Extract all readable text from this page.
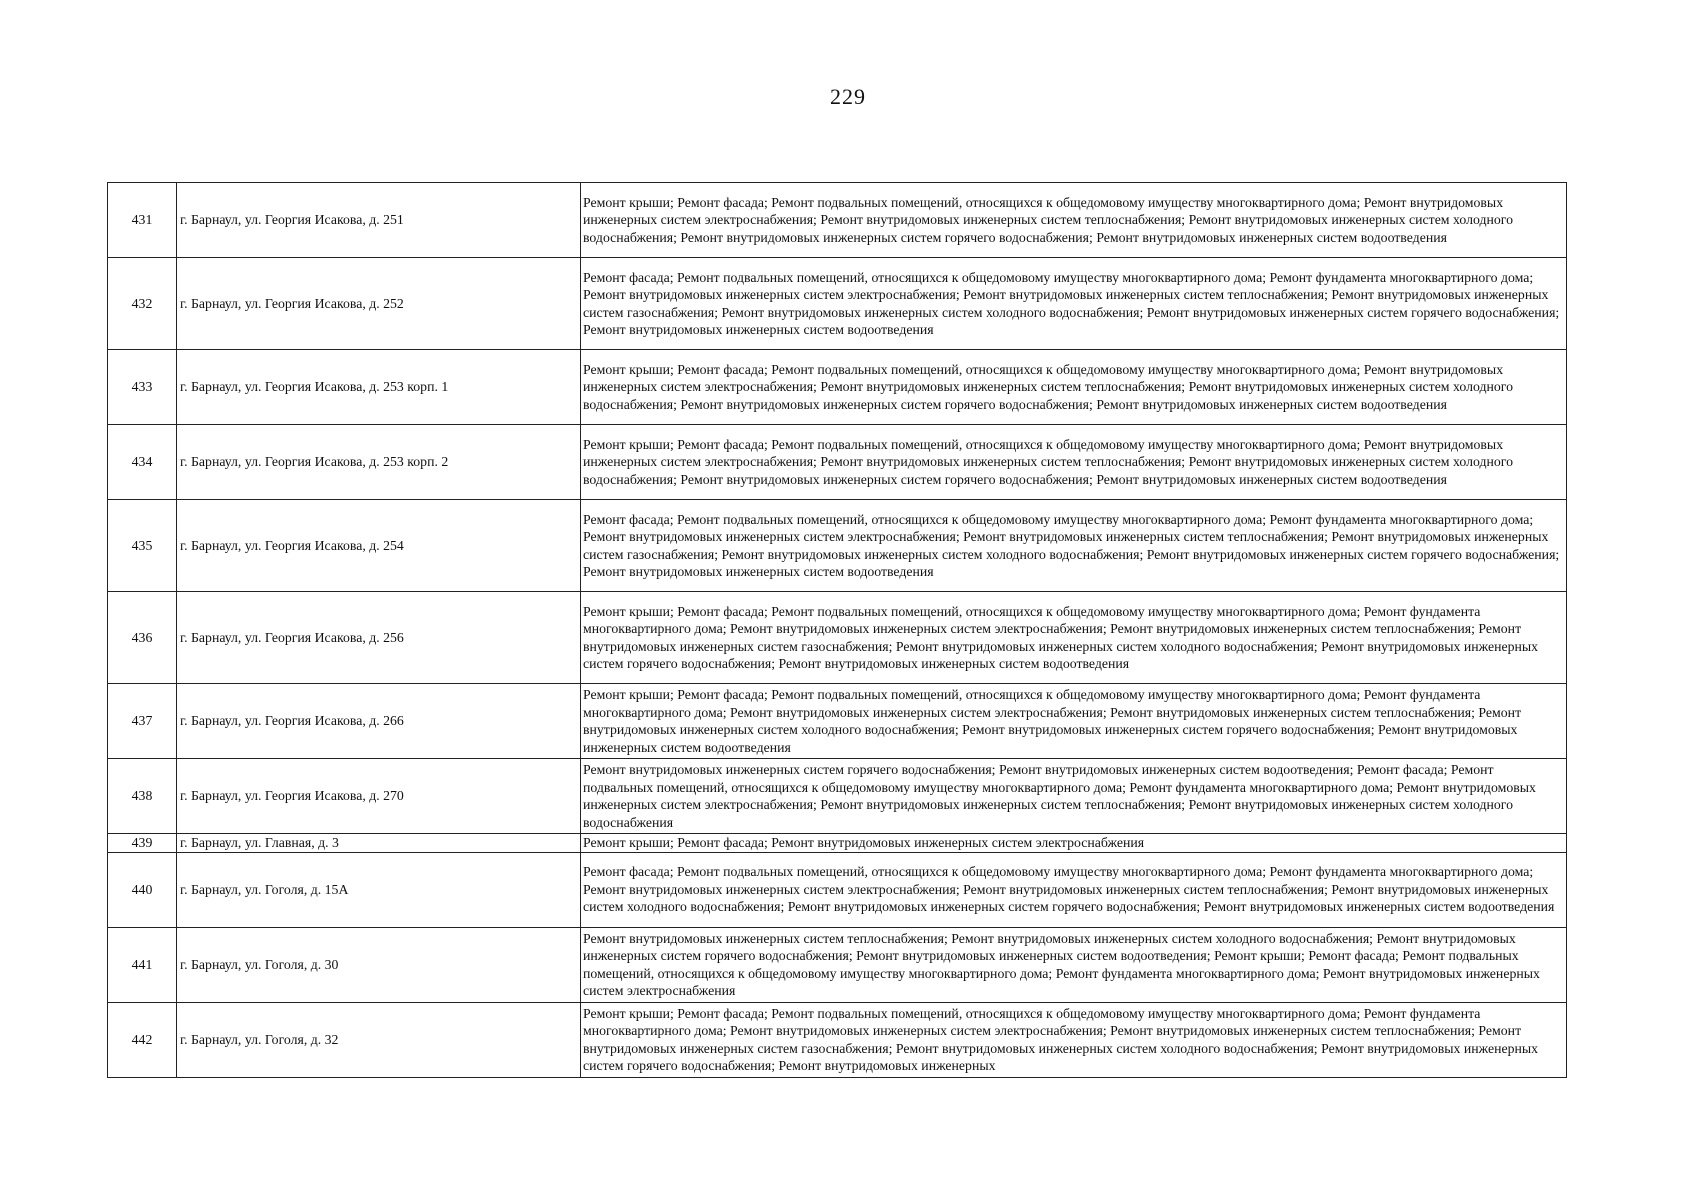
229
431	г. Барнаул, ул. Георгия Исакова, д. 251	Ремонт крыши; Ремонт фасада; Ремонт подвальных помещений, относящихся к общедомовому имуществу многоквартирного дома; Ремонт внутридомовых инженерных систем электроснабжения; Ремонт внутридомовых инженерных систем теплоснабжения; Ремонт внутридомовых инженерных систем холодного водоснабжения; Ремонт внутридомовых инженерных систем горячего водоснабжения; Ремонт внутридомовых инженерных систем водоотведения

432	г. Барнаул, ул. Георгия Исакова, д. 252	Ремонт фасада; Ремонт подвальных помещений, относящихся к общедомовому имуществу многоквартирного дома; Ремонт фундамента многоквартирного дома; Ремонт внутридомовых инженерных систем электроснабжения; Ремонт внутридомовых инженерных систем теплоснабжения; Ремонт внутридомовых инженерных систем газоснабжения; Ремонт внутридомовых инженерных систем холодного водоснабжения; Ремонт внутридомовых инженерных систем горячего водоснабжения; Ремонт внутридомовых инженерных систем водоотведения

433	г. Барнаул, ул. Георгия Исакова, д. 253 корп. 1	Ремонт крыши; Ремонт фасада; Ремонт подвальных помещений, относящихся к общедомовому имуществу многоквартирного дома; Ремонт внутридомовых инженерных систем электроснабжения; Ремонт внутридомовых инженерных систем теплоснабжения; Ремонт внутридомовых инженерных систем холодного водоснабжения; Ремонт внутридомовых инженерных систем горячего водоснабжения; Ремонт внутридомовых инженерных систем водоотведения

434	г. Барнаул, ул. Георгия Исакова, д. 253 корп. 2	Ремонт крыши; Ремонт фасада; Ремонт подвальных помещений, относящихся к общедомовому имуществу многоквартирного дома; Ремонт внутридомовых инженерных систем электроснабжения; Ремонт внутридомовых инженерных систем теплоснабжения; Ремонт внутридомовых инженерных систем холодного водоснабжения; Ремонт внутридомовых инженерных систем горячего водоснабжения; Ремонт внутридомовых инженерных систем водоотведения

435	г. Барнаул, ул. Георгия Исакова, д. 254	Ремонт фасада; Ремонт подвальных помещений, относящихся к общедомовому имуществу многоквартирного дома; Ремонт фундамента многоквартирного дома; Ремонт внутридомовых инженерных систем электроснабжения; Ремонт внутридомовых инженерных систем теплоснабжения; Ремонт внутридомовых инженерных систем газоснабжения; Ремонт внутридомовых инженерных систем холодного водоснабжения; Ремонт внутридомовых инженерных систем горячего водоснабжения; Ремонт внутридомовых инженерных систем водоотведения

436	г. Барнаул, ул. Георгия Исакова, д. 256	Ремонт крыши; Ремонт фасада; Ремонт подвальных помещений, относящихся к общедомовому имуществу многоквартирного дома; Ремонт фундамента многоквартирного дома; Ремонт внутридомовых инженерных систем электроснабжения; Ремонт внутридомовых инженерных систем теплоснабжения; Ремонт внутридомовых инженерных систем газоснабжения; Ремонт внутридомовых инженерных систем холодного водоснабжения; Ремонт внутридомовых инженерных систем горячего водоснабжения; Ремонт внутридомовых инженерных систем водоотведения

437	г. Барнаул, ул. Георгия Исакова, д. 266	Ремонт крыши; Ремонт фасада; Ремонт подвальных помещений, относящихся к общедомовому имуществу многоквартирного дома; Ремонт фундамента многоквартирного дома; Ремонт внутридомовых инженерных систем электроснабжения; Ремонт внутридомовых инженерных систем теплоснабжения; Ремонт внутридомовых инженерных систем холодного водоснабжения; Ремонт внутридомовых инженерных систем горячего водоснабжения; Ремонт внутридомовых инженерных систем водоотведения

438	г. Барнаул, ул. Георгия Исакова, д. 270	Ремонт внутридомовых инженерных систем горячего водоснабжения; Ремонт внутридомовых инженерных систем водоотведения; Ремонт фасада; Ремонт подвальных помещений, относящихся к общедомовому имуществу многоквартирного дома; Ремонт фундамента многоквартирного дома; Ремонт внутридомовых инженерных систем электроснабжения; Ремонт внутридомовых инженерных систем теплоснабжения; Ремонт внутридомовых инженерных систем холодного водоснабжения

439	г. Барнаул, ул. Главная, д. 3	Ремонт крыши; Ремонт фасада; Ремонт внутридомовых инженерных систем электроснабжения

440	г. Барнаул, ул. Гоголя, д. 15А	Ремонт фасада; Ремонт подвальных помещений, относящихся к общедомовому имуществу многоквартирного дома; Ремонт фундамента многоквартирного дома; Ремонт внутридомовых инженерных систем электроснабжения; Ремонт внутридомовых инженерных систем теплоснабжения; Ремонт внутридомовых инженерных систем холодного водоснабжения; Ремонт внутридомовых инженерных систем горячего водоснабжения; Ремонт внутридомовых инженерных систем водоотведения

441	г. Барнаул, ул. Гоголя, д. 30	Ремонт внутридомовых инженерных систем теплоснабжения; Ремонт внутридомовых инженерных систем холодного водоснабжения; Ремонт внутридомовых инженерных систем горячего водоснабжения; Ремонт внутридомовых инженерных систем водоотведения; Ремонт крыши; Ремонт фасада; Ремонт подвальных помещений, относящихся к общедомовому имуществу многоквартирного дома; Ремонт фундамента многоквартирного дома; Ремонт внутридомовых инженерных систем электроснабжения

442	г. Барнаул, ул. Гоголя, д. 32	Ремонт крыши; Ремонт фасада; Ремонт подвальных помещений, относящихся к общедомовому имуществу многоквартирного дома; Ремонт фундамента многоквартирного дома; Ремонт внутридомовых инженерных систем электроснабжения; Ремонт внутридомовых инженерных систем теплоснабжения; Ремонт внутридомовых инженерных систем газоснабжения; Ремонт внутридомовых инженерных систем холодного водоснабжения; Ремонт внутридомовых инженерных систем горячего водоснабжения; Ремонт внутридомовых инженерных
